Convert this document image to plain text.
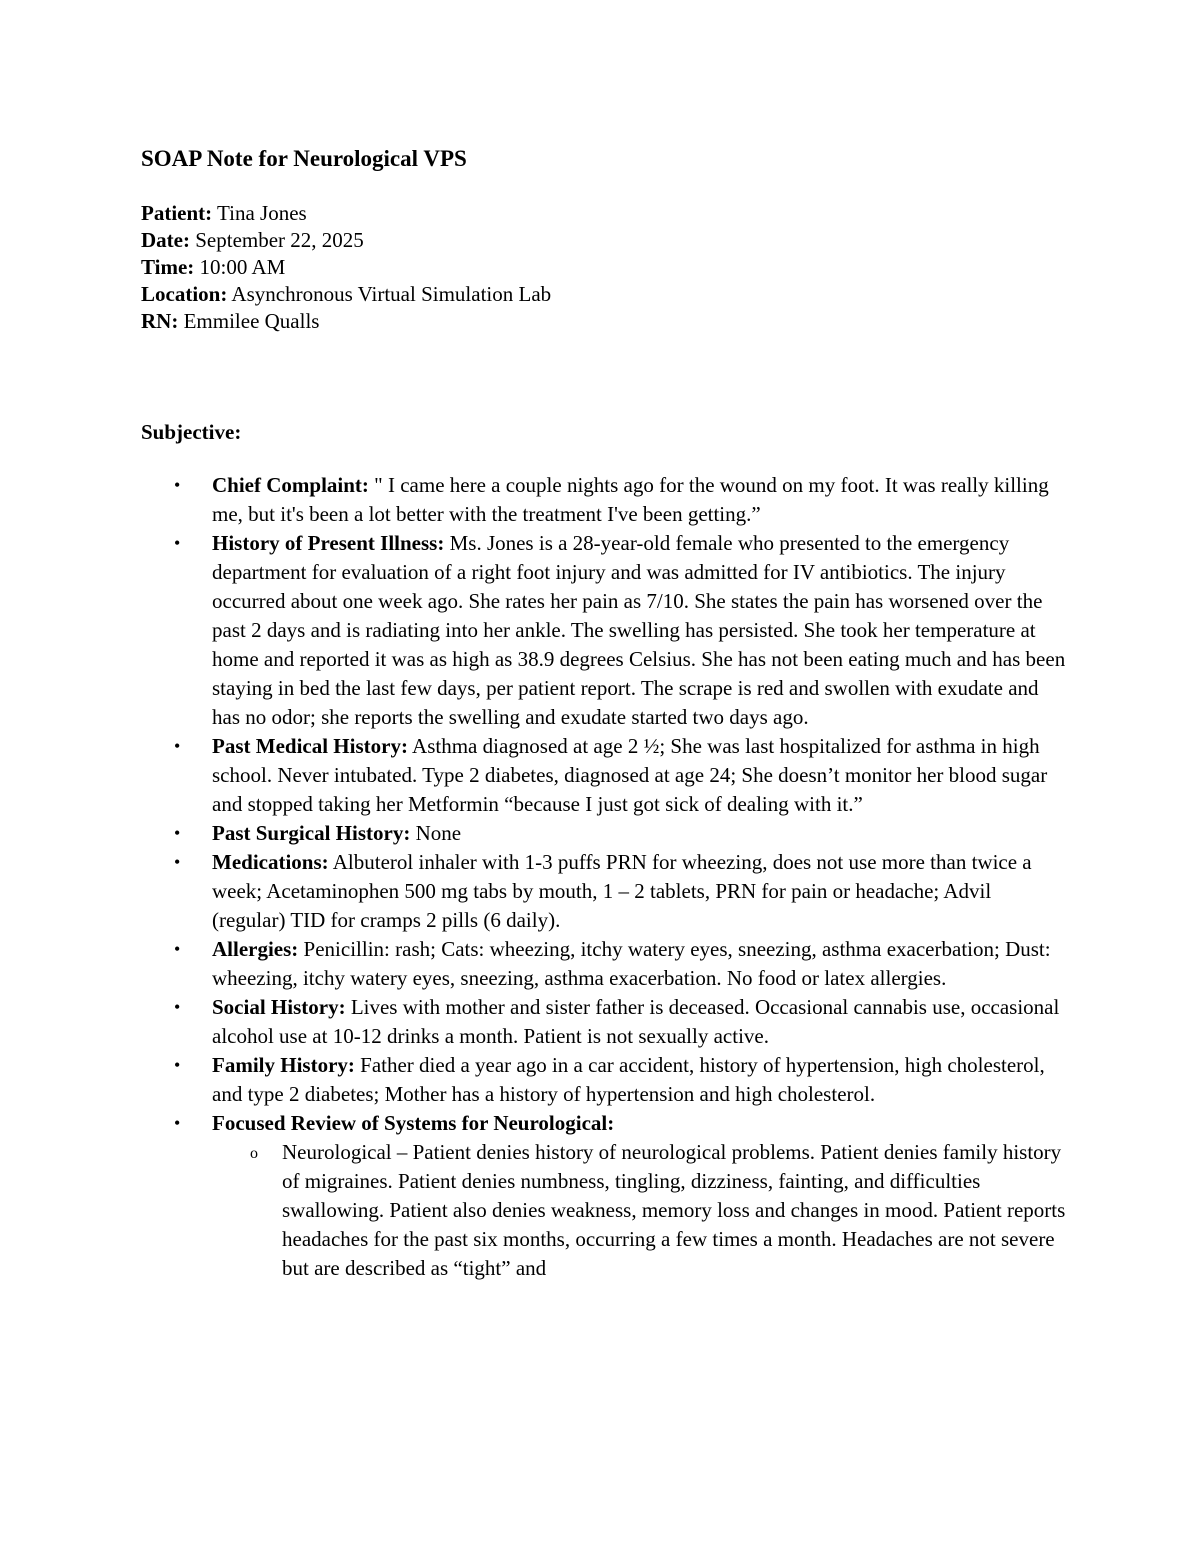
SOAP Note for Neurological VPS
Patient: Tina Jones
Date: September 22, 2025
Time: 10:00 AM
Location: Asynchronous Virtual Simulation Lab
RN: Emmilee Qualls
Subjective:
• Chief Complaint: " I came here a couple nights ago for the wound on my foot. It was really killing me, but it's been a lot better with the treatment I've been getting.”
• History of Present Illness: Ms. Jones is a 28-year-old female who presented to the emergency department for evaluation of a right foot injury and was admitted for IV antibiotics. The injury occurred about one week ago. She rates her pain as 7/10. She states the pain has worsened over the past 2 days and is radiating into her ankle. The swelling has persisted. She took her temperature at home and reported it was as high as 38.9 degrees Celsius. She has not been eating much and has been staying in bed the last few days, per patient report. The scrape is red and swollen with exudate and has no odor; she reports the swelling and exudate started two days ago.
• Past Medical History: Asthma diagnosed at age 2 ½; She was last hospitalized for asthma in high school. Never intubated. Type 2 diabetes, diagnosed at age 24; She doesn’t monitor her blood sugar and stopped taking her Metformin “because I just got sick of dealing with it.”
• Past Surgical History: None
• Medications: Albuterol inhaler with 1-3 puffs PRN for wheezing, does not use more than twice a week; Acetaminophen 500 mg tabs by mouth, 1 – 2 tablets, PRN for pain or headache; Advil (regular) TID for cramps 2 pills (6 daily).
• Allergies: Penicillin: rash; Cats: wheezing, itchy watery eyes, sneezing, asthma exacerbation; Dust: wheezing, itchy watery eyes, sneezing, asthma exacerbation. No food or latex allergies.
• Social History: Lives with mother and sister father is deceased. Occasional cannabis use, occasional alcohol use at 10-12 drinks a month. Patient is not sexually active.
• Family History: Father died a year ago in a car accident, history of hypertension, high cholesterol, and type 2 diabetes; Mother has a history of hypertension and high cholesterol.
• Focused Review of Systems for Neurological:
o Neurological – Patient denies history of neurological problems. Patient denies family history of migraines. Patient denies numbness, tingling, dizziness, fainting, and difficulties swallowing. Patient also denies weakness, memory loss and changes in mood. Patient reports headaches for the past six months, occurring a few times a month. Headaches are not severe but are described as “tight” and
